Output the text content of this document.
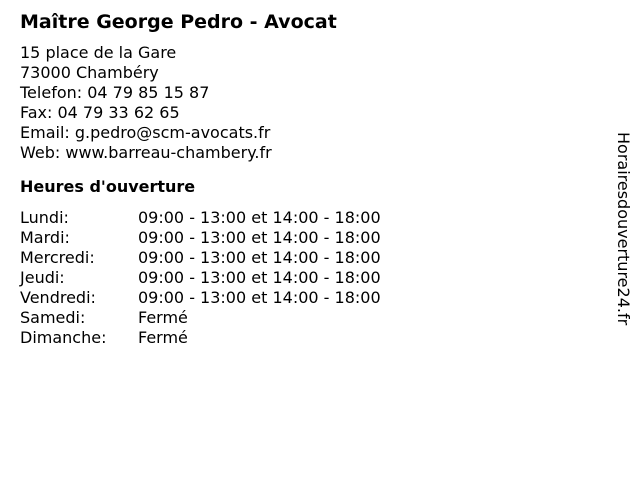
Maître George Pedro - Avocat
15 place de la Gare
73000 Chambéry
Telefon: 04 79 85 15 87
Fax: 04 79 33 62 65
Email: g.pedro@scm-avocats.fr
Web: www.barreau-chambery.fr
Heures d'ouverture
Lundi:	09:00 - 13:00 et 14:00 - 18:00
Mardi:	09:00 - 13:00 et 14:00 - 18:00
Mercredi:	09:00 - 13:00 et 14:00 - 18:00
Jeudi:	09:00 - 13:00 et 14:00 - 18:00
Vendredi:	09:00 - 13:00 et 14:00 - 18:00
Samedi:	Fermé
Dimanche:	Fermé
Horairesdouverture24.fr
